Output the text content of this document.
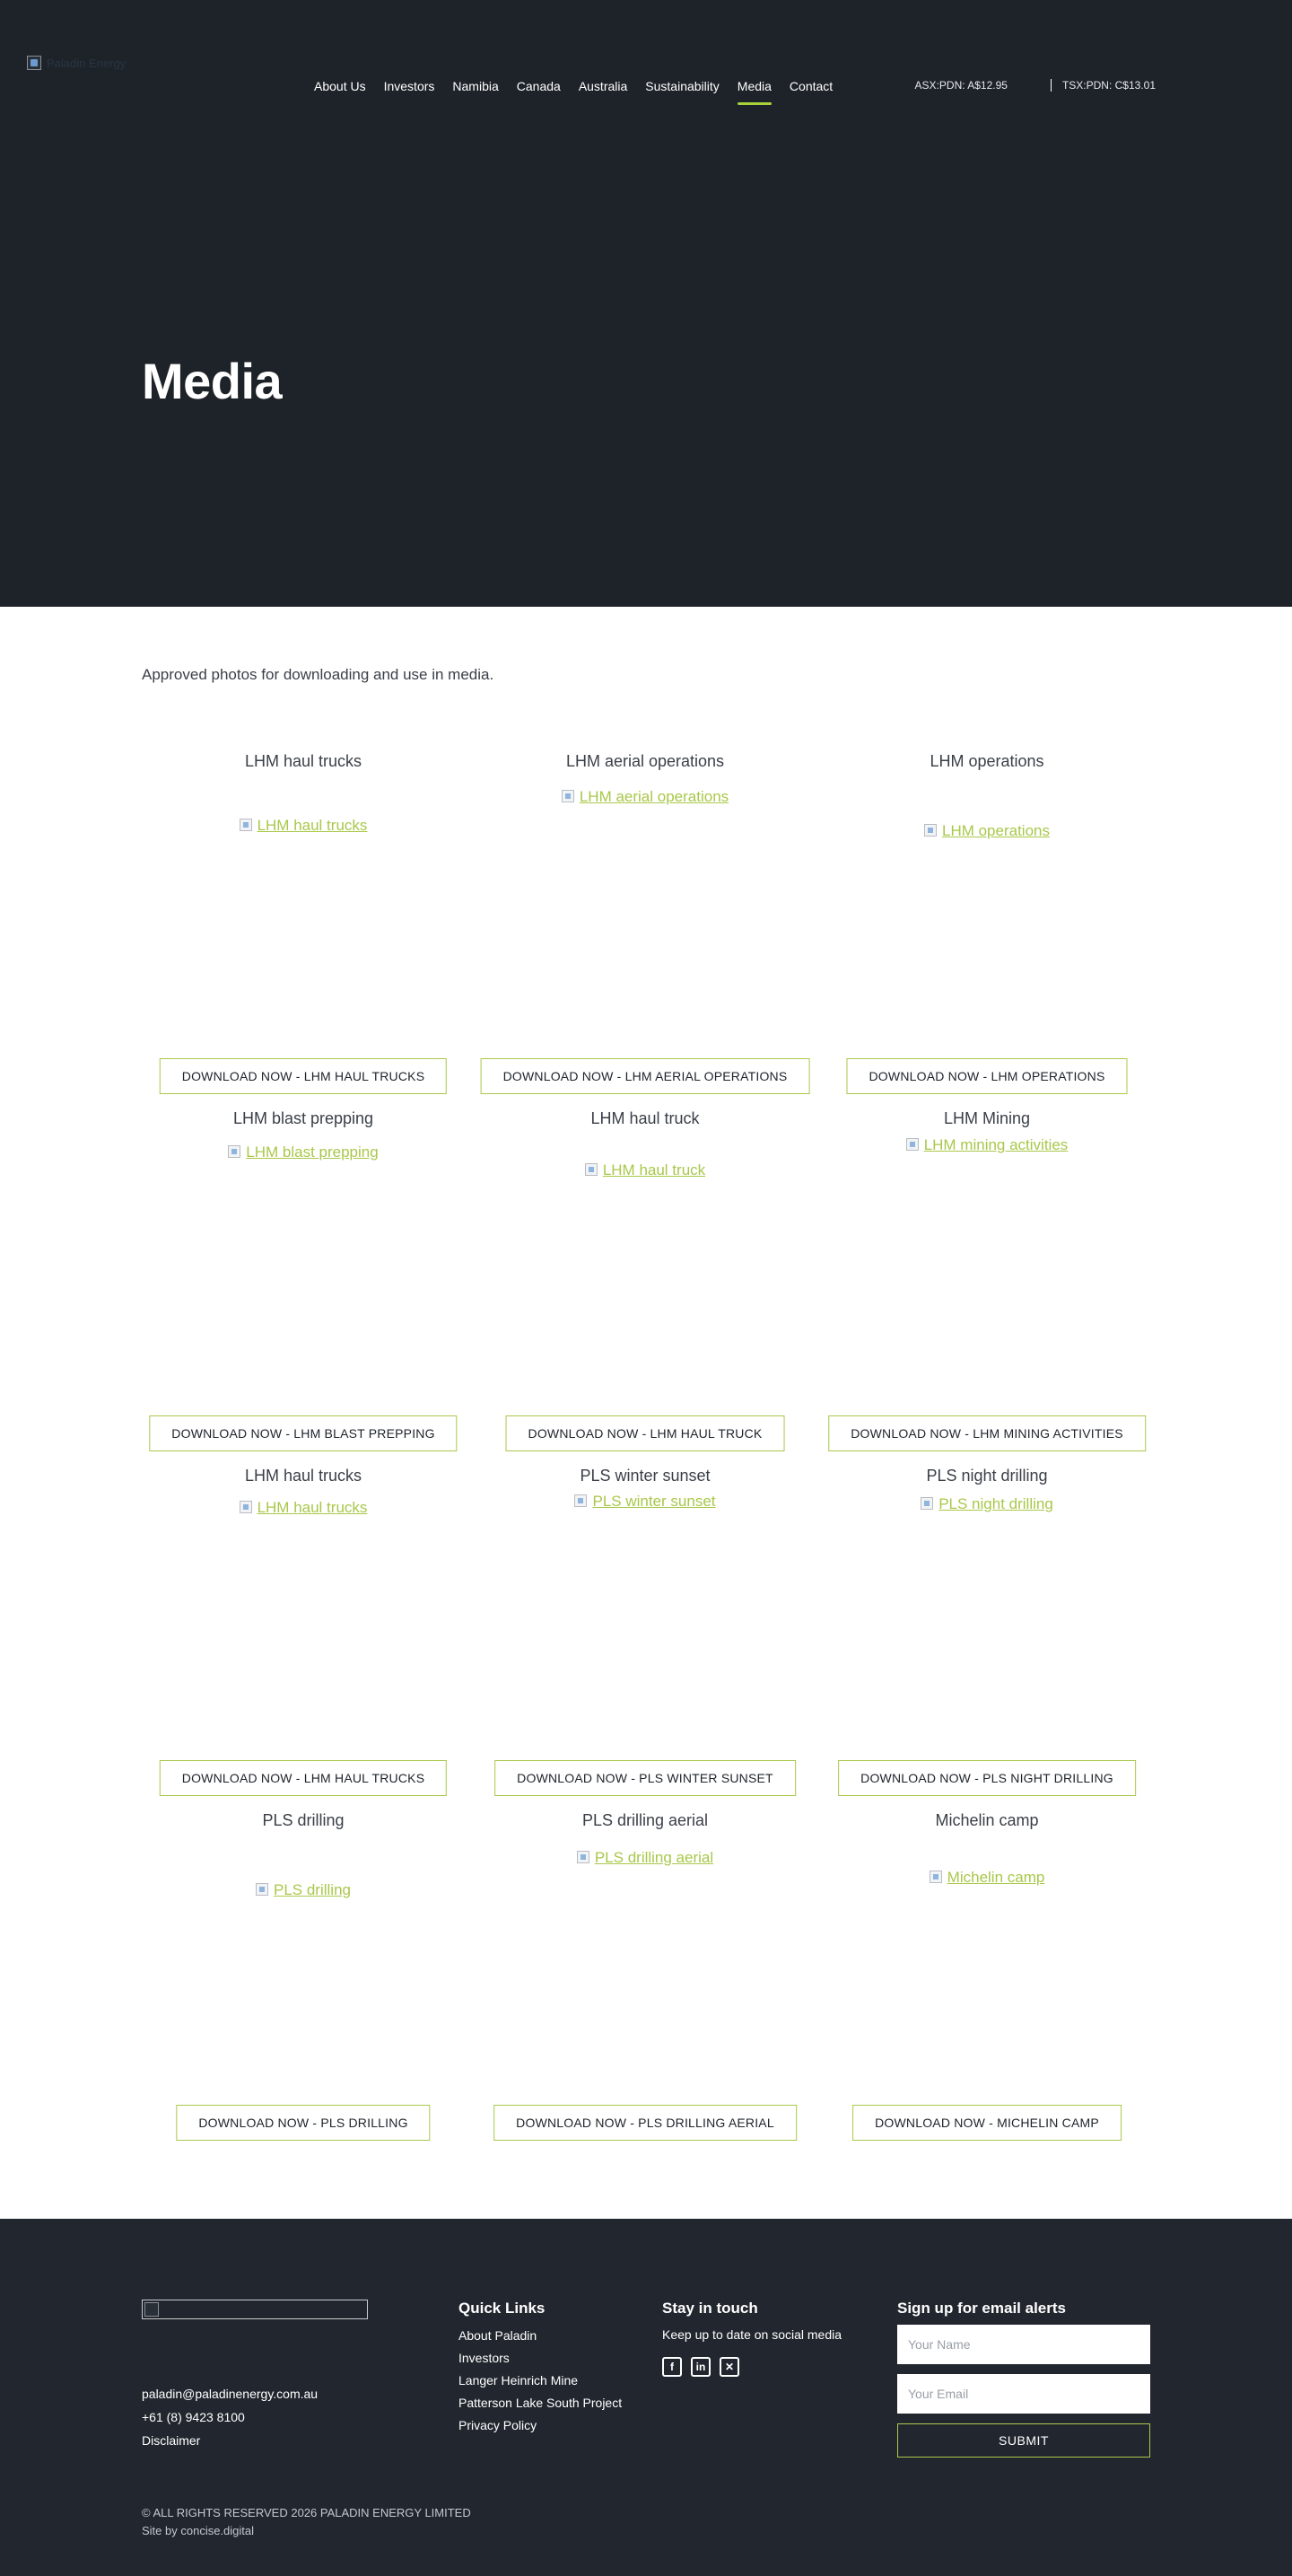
Paladin Energy
About Us	Investors	Namibia	Canada	Australia	Sustainability	Media	Contact	ASX:PDN: A$12.95	TSX:PDN: C$13.01
Media

Approved photos for downloading and use in media.

LHM haul trucks
LHM haul trucks
DOWNLOAD NOW - LHM HAUL TRUCKS
LHM aerial operations
LHM aerial operations
DOWNLOAD NOW - LHM AERIAL OPERATIONS
LHM operations
LHM operations
DOWNLOAD NOW - LHM OPERATIONS
LHM blast prepping
LHM blast prepping
DOWNLOAD NOW - LHM BLAST PREPPING
LHM haul truck
LHM haul truck
DOWNLOAD NOW - LHM HAUL TRUCK
LHM Mining
LHM mining activities
DOWNLOAD NOW - LHM MINING ACTIVITIES
LHM haul trucks
LHM haul trucks
DOWNLOAD NOW - LHM HAUL TRUCKS
PLS winter sunset
PLS winter sunset
DOWNLOAD NOW - PLS WINTER SUNSET
PLS night drilling
PLS night drilling
DOWNLOAD NOW - PLS NIGHT DRILLING
PLS drilling
PLS drilling
DOWNLOAD NOW - PLS DRILLING
PLS drilling aerial
PLS drilling aerial
DOWNLOAD NOW - PLS DRILLING AERIAL
Michelin camp
Michelin camp
DOWNLOAD NOW - MICHELIN CAMP
paladin@paladinenergy.com.au
+61 (8) 9423 8100
Disclaimer
Quick Links
About Paladin
Investors
Langer Heinrich Mine
Patterson Lake South Project
Privacy Policy
Stay in touch

Keep up to date on social media

f	in	✕
Sign up for email alerts
Your Name
Your Email SUBMIT
© ALL RIGHTS RESERVED 2026 PALADIN ENERGY LIMITED
Site by concise.digital
